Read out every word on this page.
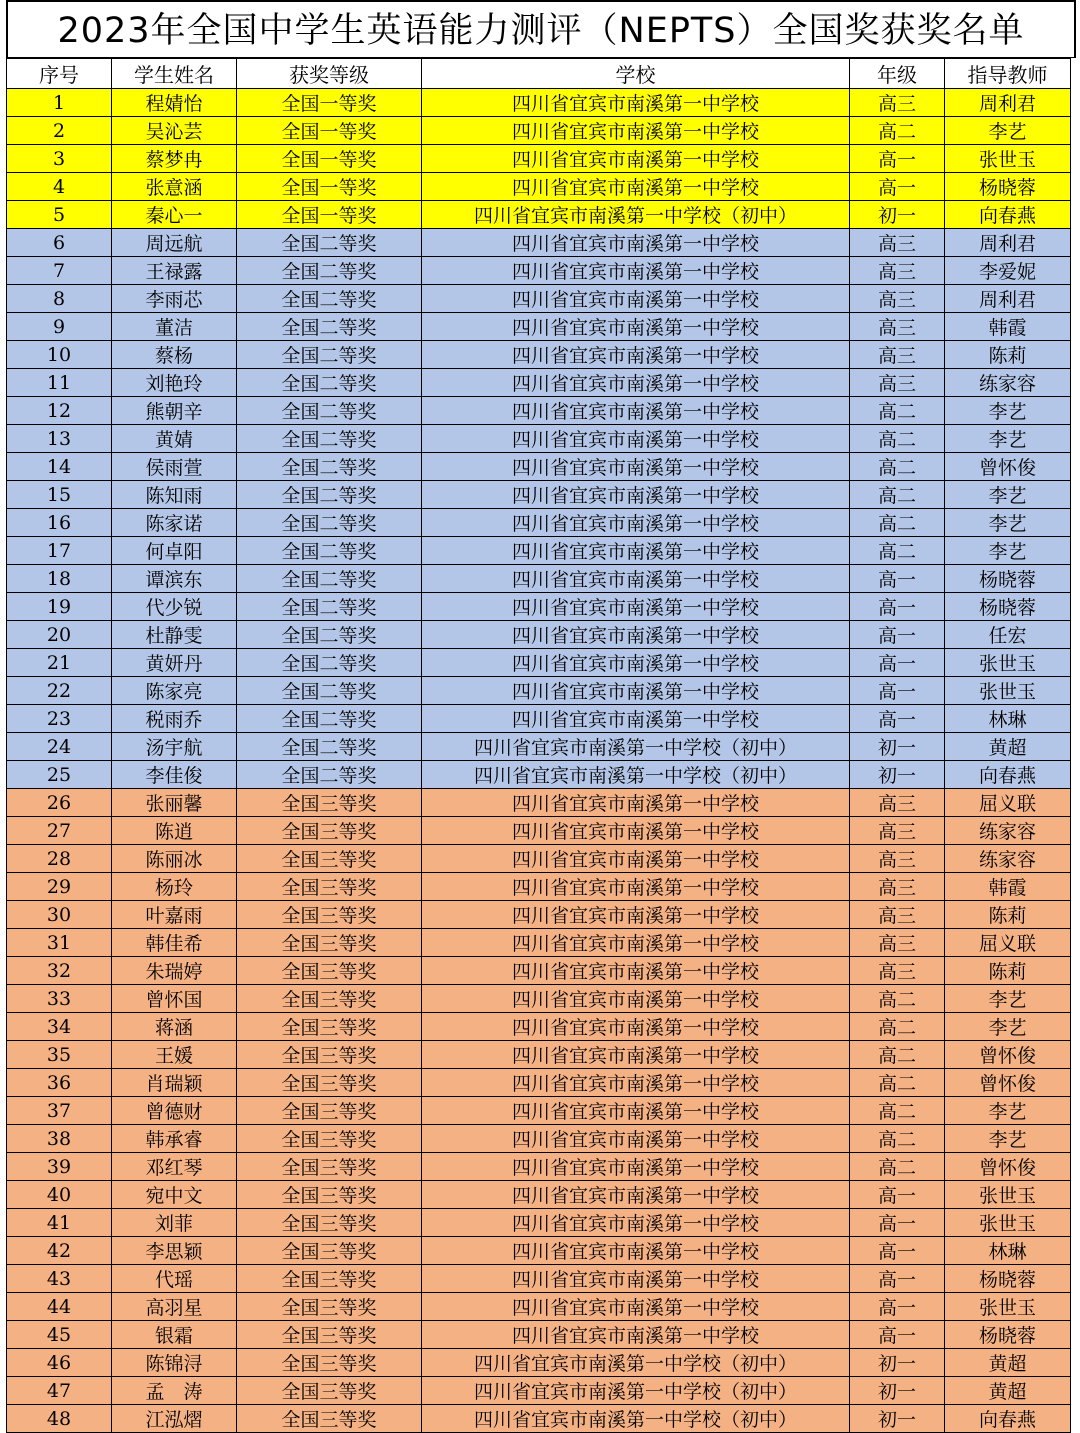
2023年全国中学生英语能力测评（NEPTS）全国奖获奖名单
序号	学生姓名	获奖等级	学校	年级	指导教师
1	程婧怡	全国一等奖	四川省宜宾市南溪第一中学校	高三	周利君
2	吴沁芸	全国一等奖	四川省宜宾市南溪第一中学校	高二	李艺
3	蔡梦冉	全国一等奖	四川省宜宾市南溪第一中学校	高一	张世玉
4	张意涵	全国一等奖	四川省宜宾市南溪第一中学校	高一	杨晓蓉
5	秦心一	全国一等奖	四川省宜宾市南溪第一中学校（初中）	初一	向春燕
6	周远航	全国二等奖	四川省宜宾市南溪第一中学校	高三	周利君
7	王禄露	全国二等奖	四川省宜宾市南溪第一中学校	高三	李爱妮
8	李雨芯	全国二等奖	四川省宜宾市南溪第一中学校	高三	周利君
9	董洁	全国二等奖	四川省宜宾市南溪第一中学校	高三	韩霞
10	蔡杨	全国二等奖	四川省宜宾市南溪第一中学校	高三	陈莉
11	刘艳玲	全国二等奖	四川省宜宾市南溪第一中学校	高三	练家容
12	熊朝辛	全国二等奖	四川省宜宾市南溪第一中学校	高二	李艺
13	黄婧	全国二等奖	四川省宜宾市南溪第一中学校	高二	李艺
14	侯雨萱	全国二等奖	四川省宜宾市南溪第一中学校	高二	曾怀俊
15	陈知雨	全国二等奖	四川省宜宾市南溪第一中学校	高二	李艺
16	陈家诺	全国二等奖	四川省宜宾市南溪第一中学校	高二	李艺
17	何卓阳	全国二等奖	四川省宜宾市南溪第一中学校	高二	李艺
18	谭滨东	全国二等奖	四川省宜宾市南溪第一中学校	高一	杨晓蓉
19	代少锐	全国二等奖	四川省宜宾市南溪第一中学校	高一	杨晓蓉
20	杜静雯	全国二等奖	四川省宜宾市南溪第一中学校	高一	任宏
21	黄妍丹	全国二等奖	四川省宜宾市南溪第一中学校	高一	张世玉
22	陈家亮	全国二等奖	四川省宜宾市南溪第一中学校	高一	张世玉
23	税雨乔	全国二等奖	四川省宜宾市南溪第一中学校	高一	林琳
24	汤宇航	全国二等奖	四川省宜宾市南溪第一中学校（初中）	初一	黄超
25	李佳俊	全国二等奖	四川省宜宾市南溪第一中学校（初中）	初一	向春燕
26	张丽馨	全国三等奖	四川省宜宾市南溪第一中学校	高三	屈义联
27	陈逍	全国三等奖	四川省宜宾市南溪第一中学校	高三	练家容
28	陈丽冰	全国三等奖	四川省宜宾市南溪第一中学校	高三	练家容
29	杨玲	全国三等奖	四川省宜宾市南溪第一中学校	高三	韩霞
30	叶嘉雨	全国三等奖	四川省宜宾市南溪第一中学校	高三	陈莉
31	韩佳希	全国三等奖	四川省宜宾市南溪第一中学校	高三	屈义联
32	朱瑞婷	全国三等奖	四川省宜宾市南溪第一中学校	高三	陈莉
33	曾怀国	全国三等奖	四川省宜宾市南溪第一中学校	高二	李艺
34	蒋涵	全国三等奖	四川省宜宾市南溪第一中学校	高二	李艺
35	王媛	全国三等奖	四川省宜宾市南溪第一中学校	高二	曾怀俊
36	肖瑞颖	全国三等奖	四川省宜宾市南溪第一中学校	高二	曾怀俊
37	曾德财	全国三等奖	四川省宜宾市南溪第一中学校	高二	李艺
38	韩承睿	全国三等奖	四川省宜宾市南溪第一中学校	高二	李艺
39	邓红琴	全国三等奖	四川省宜宾市南溪第一中学校	高二	曾怀俊
40	宛中文	全国三等奖	四川省宜宾市南溪第一中学校	高一	张世玉
41	刘菲	全国三等奖	四川省宜宾市南溪第一中学校	高一	张世玉
42	李思颖	全国三等奖	四川省宜宾市南溪第一中学校	高一	林琳
43	代瑶	全国三等奖	四川省宜宾市南溪第一中学校	高一	杨晓蓉
44	高羽星	全国三等奖	四川省宜宾市南溪第一中学校	高一	张世玉
45	银霜	全国三等奖	四川省宜宾市南溪第一中学校	高一	杨晓蓉
46	陈锦浔	全国三等奖	四川省宜宾市南溪第一中学校（初中）	初一	黄超
47	孟　涛	全国三等奖	四川省宜宾市南溪第一中学校（初中）	初一	黄超
48	江泓熠	全国三等奖	四川省宜宾市南溪第一中学校（初中）	初一	向春燕
